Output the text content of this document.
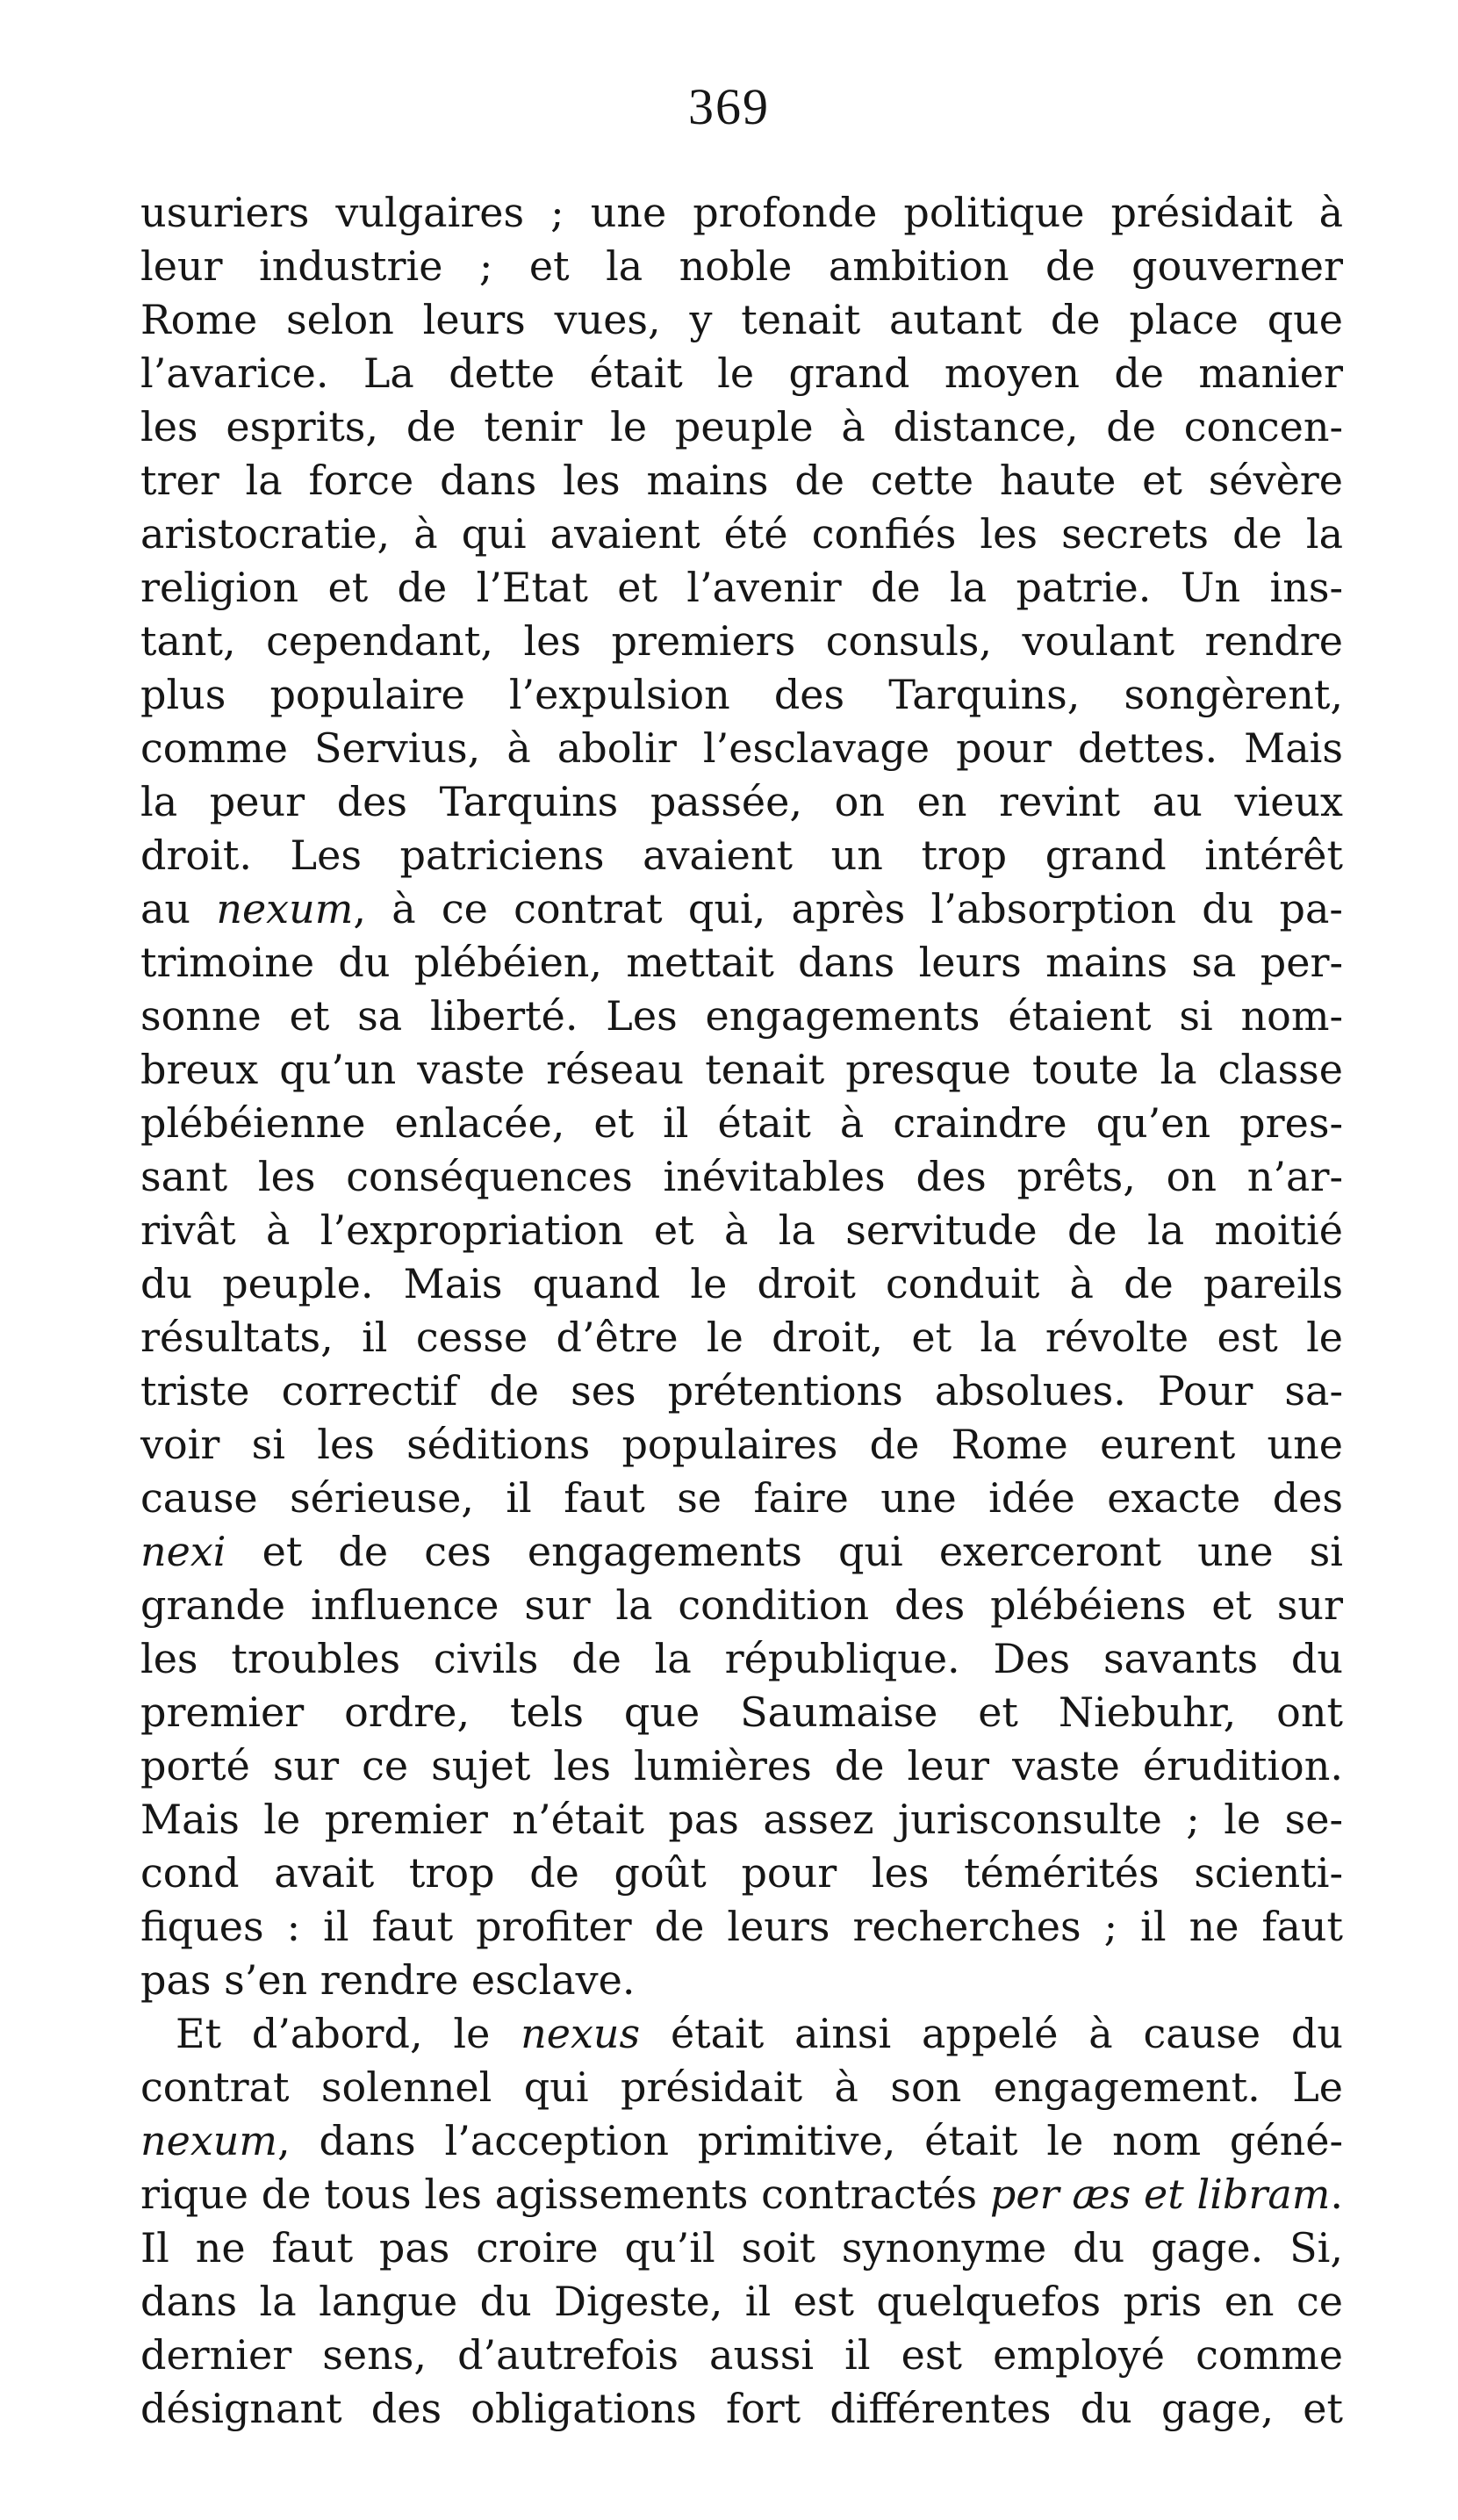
369
usuriers vulgaires ; une profonde politique présidait à
leur industrie ; et la noble ambition de gouverner
Rome selon leurs vues, y tenait autant de place que
l’avarice. La dette était le grand moyen de manier
les esprits, de tenir le peuple à distance, de concen-
trer la force dans les mains de cette haute et sévère
aristocratie, à qui avaient été confiés les secrets de la
religion et de l’Etat et l’avenir de la patrie. Un ins-
tant, cependant, les premiers consuls, voulant rendre
plus populaire l’expulsion des Tarquins, songèrent,
comme Servius, à abolir l’esclavage pour dettes. Mais
la peur des Tarquins passée, on en revint au vieux
droit. Les patriciens avaient un trop grand intérêt
au nexum, à ce contrat qui, après l’absorption du pa-
trimoine du plébéien, mettait dans leurs mains sa per-
sonne et sa liberté. Les engagements étaient si nom-
breux qu’un vaste réseau tenait presque toute la classe
plébéienne enlacée, et il était à craindre qu’en pres-
sant les conséquences inévitables des prêts, on n’ar-
rivât à l’expropriation et à la servitude de la moitié
du peuple. Mais quand le droit conduit à de pareils
résultats, il cesse d’être le droit, et la révolte est le
triste correctif de ses prétentions absolues. Pour sa-
voir si les séditions populaires de Rome eurent une
cause sérieuse, il faut se faire une idée exacte des
nexi et de ces engagements qui exerceront une si
grande influence sur la condition des plébéiens et sur
les troubles civils de la république. Des savants du
premier ordre, tels que Saumaise et Niebuhr, ont
porté sur ce sujet les lumières de leur vaste érudition.
Mais le premier n’était pas assez jurisconsulte ; le se-
cond avait trop de goût pour les témérités scienti-
fiques : il faut profiter de leurs recherches ; il ne faut
pas s’en rendre esclave.
Et d’abord, le nexus était ainsi appelé à cause du
contrat solennel qui présidait à son engagement. Le
nexum, dans l’acception primitive, était le nom géné-
rique de tous les agissements contractés per æs et libram.
Il ne faut pas croire qu’il soit synonyme du gage. Si,
dans la langue du Digeste, il est quelquefos pris en ce
dernier sens, d’autrefois aussi il est employé comme
désignant des obligations fort différentes du gage, et
